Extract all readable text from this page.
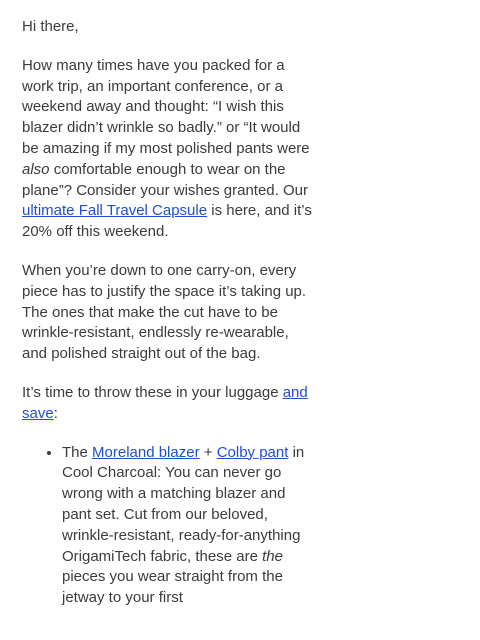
Hi there,

How many times have you packed for a work trip, an important conference, or a weekend away and thought: “I wish this blazer didn’t wrinkle so badly.” or “It would be amazing if my most polished pants were also comfortable enough to wear on the plane”? Consider your wishes granted. Our ultimate Fall Travel Capsule is here, and it’s 20% off this weekend.

When you’re down to one carry-on, every piece has to justify the space it’s taking up. The ones that make the cut have to be wrinkle-resistant, endlessly re-wearable, and polished straight out of the bag.

It’s time to throw these in your luggage and save:

• The Moreland blazer + Colby pant in Cool Charcoal: You can never go wrong with a matching blazer and pant set. Cut from our beloved, wrinkle-resistant, ready-for-anything OrigamiTech fabric, these are the pieces you wear straight from the jetway to your first
